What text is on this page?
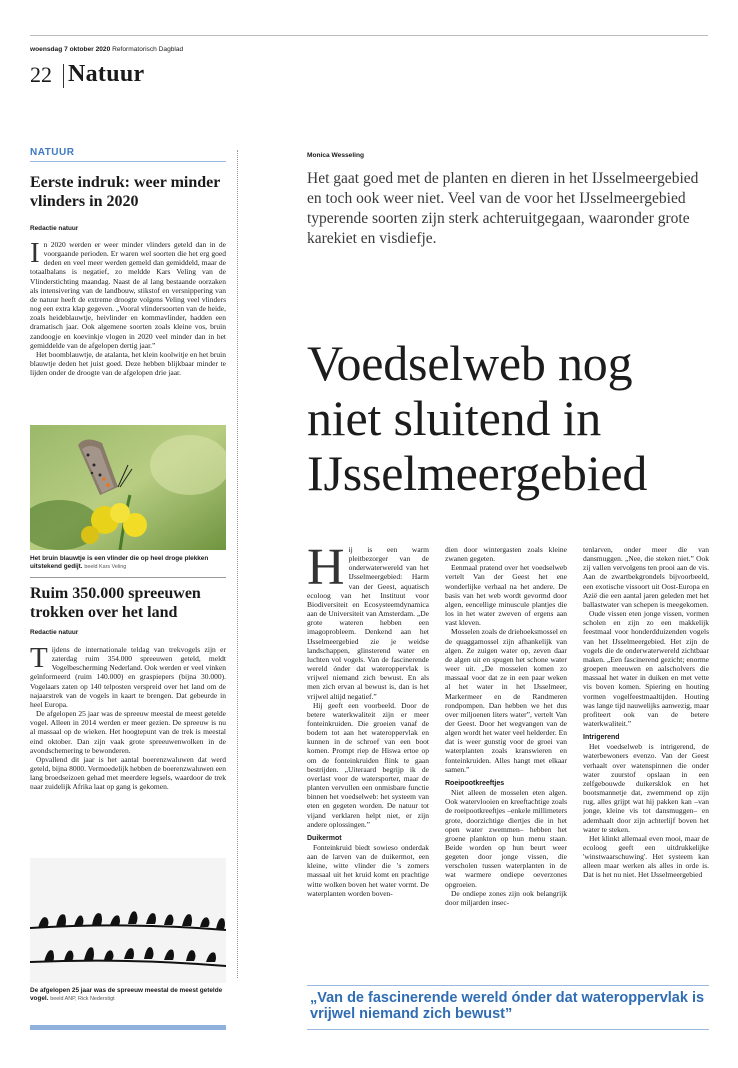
woensdag 7 oktober 2020 Reformatorisch Dagblad
22 Natuur
NATUUR
Eerste indruk: weer minder vlinders in 2020
Redactie natuur
In 2020 werden er weer minder vlinders geteld dan in de voorgaande perioden. Er waren wel soorten die het erg goed deden en veel meer werden gemeld dan gemiddeld, maar de totaalbalans is negatief, zo meldde Kars Veling van de Vlinderstichting maandag. Naast de al lang bestaande oorzaken als intensivering van de landbouw, stikstof en versnippering van de natuur heeft de extreme droogte volgens Veling veel vlinders nog een extra klap gegeven. „Vooral vlindersoorten van de heide, zoals heideblauwtje, heivlinder en kommavlinder, hadden een dramatisch jaar. Ook algemene soorten zoals kleine vos, bruin zandoogje en koevinkje vlogen in 2020 veel minder dan in het gemiddelde van de afgelopen dertig jaar.”
Het boomblauwtje, de atalanta, het klein koolwitje en het bruin blauwtje deden het juist goed. Deze hebben blijkbaar minder te lijden onder de droogte van de afgelopen drie jaar.
Het bruin blauwtje is een vlinder die op heel droge plekken uitstekend gedijt. beeld Kars Veling
Ruim 350.000 spreeuwen trokken over het land
Redactie natuur
Tijdens de internationale teldag van trekvogels zijn er zaterdag ruim 354.000 spreeuwen geteld, meldt Vogelbescherming Nederland. Ook werden er veel vinken geïnformeerd (ruim 140.000) en graspiepers (bijna 30.000). Vogelaars zaten op 140 telposten verspreid over het land om de najaarstrek van de vogels in kaart te brengen. Dat gebeurde in heel Europa.
De afgelopen 25 jaar was de spreeuw meestal de meest getelde vogel. Alleen in 2014 werden er meer gezien. De spreeuw is nu al massaal op de wieken. Het hoogtepunt van de trek is meestal eind oktober. Dan zijn vaak grote spreeuwenwolken in de avondschemering te bewonderen.
Opvallend dit jaar is het aantal boerenzwaluwen dat werd geteld, bijna 8000. Vermoedelijk hebben de boerenzwaluwen een lang broedseizoen gehad met meerdere legsels, waardoor de trek naar zuidelijk Afrika laat op gang is gekomen.
De afgelopen 25 jaar was de spreeuw meestal de meest getelde vogel. beeld ANP, Rick Nederstigt
Monica Wesseling
Het gaat goed met de planten en dieren in het IJsselmeergebied en toch ook weer niet. Veel van de voor het IJsselmeergebied typerende soorten zijn sterk achteruitgegaan, waaronder grote karekiet en visdiefje.
Voedselweb nog niet sluitend in IJsselmeergebied
Hij is een warm pleitbezorger van de onderwaterwereld van het IJsselmeergebied: Harm van der Geest, aquatisch ecoloog van het Instituut voor Biodiversiteit en Ecosysteemdynamica aan de Universiteit van Amsterdam. „De grote wateren hebben een imagoprobleem. Denkend aan het IJsselmeergebied zie je weidse landschappen, glinsterend water en luchten vol vogels. Van de fascinerende wereld ónder dat wateroppervlak is vrijwel niemand zich bewust. En als men zich ervan al bewust is, dan is het vrijwel altijd negatief.”
Hij geeft een voorbeeld. Door de betere waterkwaliteit zijn er meer fonteinkruiden. Die groeien vanaf de bodem tot aan het wateroppervlak en kunnen in de schroef van een boot komen. Prompt riep de Hiswa ertoe op om de fonteinkruiden flink te gaan bestrijden. „Uiteraard begrijp ik de overlast voor de watersporter, maar de planten vervullen een onmisbare functie binnen het voedselweb: het systeem van eten en gegeten worden. De natuur tot vijand verklaren helpt niet, er zijn andere oplossingen.”
Duikermot
Fonteinkruid biedt sowieso onderdak aan de larven van de duikermot, een kleine, witte vlinder die 's zomers massaal uit het kruid komt en prachtige witte wolken boven het water vormt. De waterplanten worden boven-
dien door wintergasten zoals kleine zwanen gegeten.
Eenmaal pratend over het voedselweb vertelt Van der Geest het ene wonderlijke verhaal na het andere. De basis van het web wordt gevormd door algen, eencellige minuscule plantjes die los in het water zweven of ergens aan vast kleven.
Mosselen zoals de driehoeksmossel en de quaggamossel zijn afhankelijk van algen. Ze zuigen water op, zeven daar de algen uit en spugen het schone water weer uit. „De mosselen komen zo massaal voor dat ze in een paar weken al het water in het IJsselmeer, Markermeer en de Randmeren rondpompen. Dan hebben we het dus over miljoenen liters water”, vertelt Van der Geest. Door het wegvangen van de algen wordt het water veel helderder. En dat is weer gunstig voor de groei van waterplanten zoals kranswieren en fonteinkruiden. Alles hangt met elkaar samen.”
Roeipootkreeftjes
Niet alleen de mosselen eten algen. Ook watervlooien en kreeftachtige zoals de roeipootkreeftjes –enkele millimeters grote, doorzichtige diertjes die in het open water zwemmen– hebben het groene plankton op hun menu staan. Beide worden op hun beurt weer gegeten door jonge vissen, die verscholen tussen waterplanten in de wat warmere ondiepe oeverzones opgroeien.
De ondiepe zones zijn ook belangrijk door miljarden insec-
tenlarven, onder meer die van dansmuggen. „Nee, die steken niet.” Ook zij vallen vervolgens ten prooi aan de vis. Aan de zwartbekgrondels bijvoorbeeld, een exotische vissoort uit Oost-Europa en Azië die een aantal jaren geleden met het ballastwater van schepen is meegekomen.
Oude vissen eten jonge vissen, vormen scholen en zijn zo een makkelijk feestmaal voor honderdduizenden vogels van het IJsselmeergebied. Het zijn de vogels die de onderwaterwereld zichtbaar maken. „Een fascinerend gezicht; enorme groepen meeuwen en aalscholvers die massaal het water in duiken en met vette vis boven komen. Spiering en houting vormen vogelfeestmaaltijden. Houting was lange tijd nauwelijks aanwezig, maar profiteert ook van de betere waterkwaliteit.”
Intrigerend
Het voedselweb is intrigerend, de waterbewoners evenzo. Van der Geest verhaalt over watenspinnen die onder water zuurstof opslaan in een zelfgebouwde duikersklok en het bootsmannetje dat, zwemmend op zijn rug, alles grijpt wat hij pakken kan –van jonge, kleine vis tot dansmuggen– en ademhaalt door zijn achterlijf boven het water te steken.
Het klinkt allemaal even mooi, maar de ecoloog geeft een uitdrukkelijke 'winstwaarschuwing'. Het systeem kan alleen maar werken als alles in orde is. Dat is het nu niet. Het IJsselmeergebied
„Van de fascinerende wereld ónder dat wateroppervlak is vrijwel niemand zich bewust”
